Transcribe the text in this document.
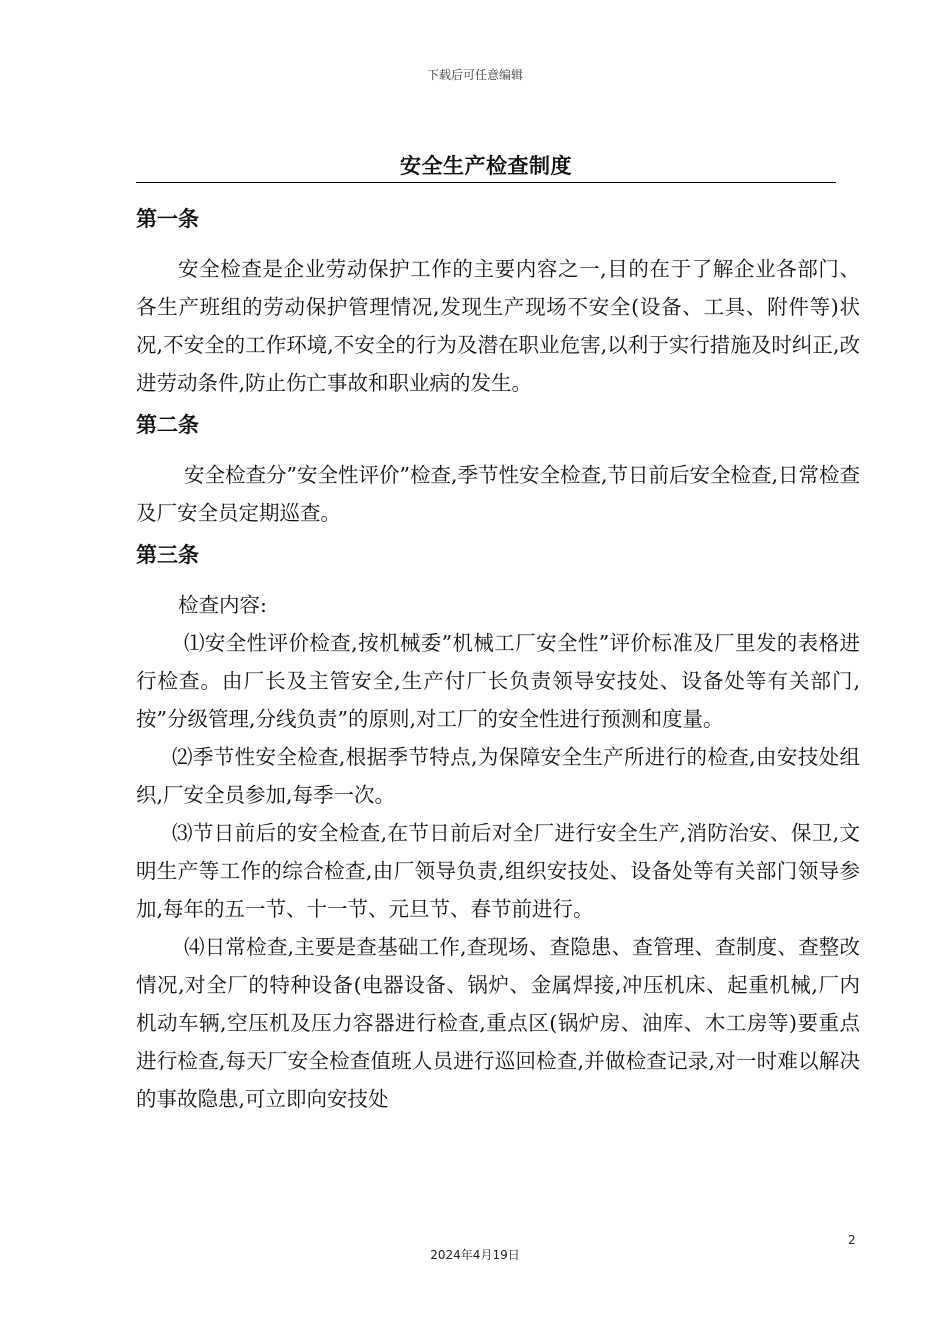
下载后可任意编辑
安全生产检查制度
第一条

安全检查是企业劳动保护工作的主要内容之一,目的在于了解企业各部门、各生产班组的劳动保护管理情况,发现生产现场不安全(设备、工具、附件等)状况,不安全的工作环境,不安全的行为及潜在职业危害,以利于实行措施及时纠正,改进劳动条件,防止伤亡事故和职业病的发生。

第二条

安全检查分”安全性评价”检查,季节性安全检查,节日前后安全检查,日常检查及厂安全员定期巡查。

第三条

检查内容:

⑴安全性评价检查,按机械委”机械工厂安全性”评价标准及厂里发的表格进行检查。由厂长及主管安全,生产付厂长负责领导安技处、设备处等有关部门,按”分级管理,分线负责”的原则,对工厂的安全性进行预测和度量。

⑵季节性安全检查,根据季节特点,为保障安全生产所进行的检查,由安技处组织,厂安全员参加,每季一次。

⑶节日前后的安全检查,在节日前后对全厂进行安全生产,消防治安、保卫,文明生产等工作的综合检查,由厂领导负责,组织安技处、设备处等有关部门领导参加,每年的五一节、十一节、元旦节、春节前进行。

⑷日常检查,主要是查基础工作,查现场、查隐患、查管理、查制度、查整改情况,对全厂的特种设备(电器设备、锅炉、金属焊接,冲压机床、起重机械,厂内机动车辆,空压机及压力容器进行检查,重点区(锅炉房、油库、木工房等)要重点进行检查,每天厂安全检查值班人员进行巡回检查,并做检查记录,对一时难以解决的事故隐患,可立即向安技处

2
2024年4月19日
